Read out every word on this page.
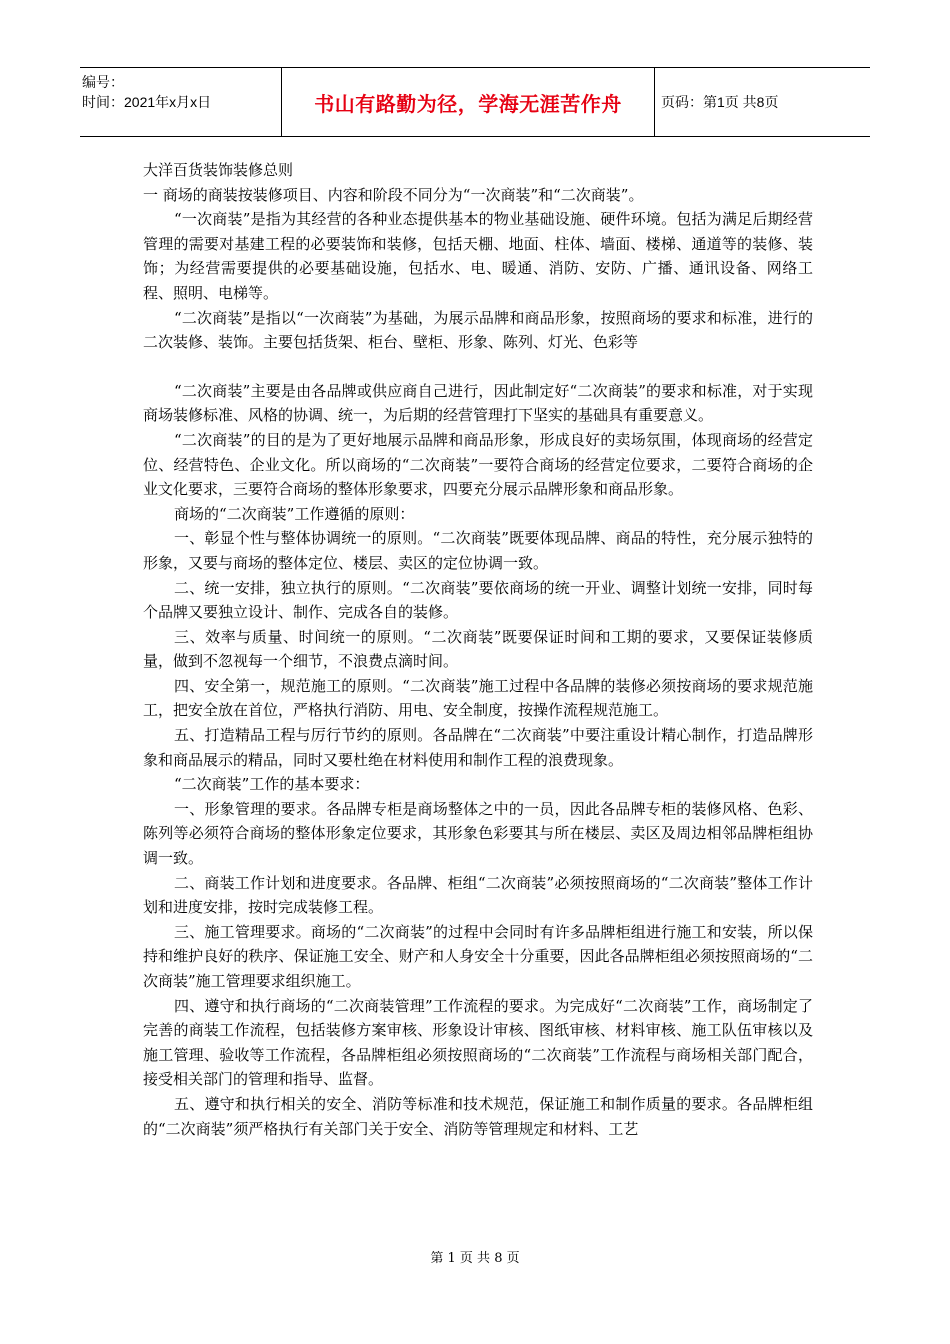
编号：
时间：2021年x月x日	书山有路勤为径，学海无涯苦作舟	页码：第1页 共8页

大洋百货装饰装修总则

一 商场的商装按装修项目、内容和阶段不同分为“一次商装”和“二次商装”。

“一次商装”是指为其经营的各种业态提供基本的物业基础设施、硬件环境。包括为满足后期经营管理的需要对基建工程的必要装饰和装修，包括天棚、地面、柱体、墙面、楼梯、通道等的装修、装饰；为经营需要提供的必要基础设施，包括水、电、暖通、消防、安防、广播、通讯设备、网络工程、照明、电梯等。

“二次商装”是指以“一次商装”为基础，为展示品牌和商品形象，按照商场的要求和标准，进行的二次装修、装饰。主要包括货架、柜台、壁柜、形象、陈列、灯光、色彩等

“二次商装”主要是由各品牌或供应商自己进行，因此制定好“二次商装”的要求和标准，对于实现商场装修标准、风格的协调、统一，为后期的经营管理打下坚实的基础具有重要意义。

“二次商装”的目的是为了更好地展示品牌和商品形象，形成良好的卖场氛围，体现商场的经营定位、经营特色、企业文化。所以商场的“二次商装”一要符合商场的经营定位要求，二要符合商场的企业文化要求，三要符合商场的整体形象要求，四要充分展示品牌形象和商品形象。

商场的“二次商装”工作遵循的原则：

一、彰显个性与整体协调统一的原则。“二次商装”既要体现品牌、商品的特性，充分展示独特的形象，又要与商场的整体定位、楼层、卖区的定位协调一致。

二、统一安排，独立执行的原则。“二次商装”要依商场的统一开业、调整计划统一安排，同时每个品牌又要独立设计、制作、完成各自的装修。

三、效率与质量、时间统一的原则。“二次商装”既要保证时间和工期的要求，又要保证装修质量，做到不忽视每一个细节，不浪费点滴时间。

四、安全第一，规范施工的原则。“二次商装”施工过程中各品牌的装修必须按商场的要求规范施工，把安全放在首位，严格执行消防、用电、安全制度，按操作流程规范施工。

五、打造精品工程与厉行节约的原则。各品牌在“二次商装”中要注重设计精心制作，打造品牌形象和商品展示的精品，同时又要杜绝在材料使用和制作工程的浪费现象。

“二次商装”工作的基本要求：

一、形象管理的要求。各品牌专柜是商场整体之中的一员，因此各品牌专柜的装修风格、色彩、陈列等必须符合商场的整体形象定位要求，其形象色彩要其与所在楼层、卖区及周边相邻品牌柜组协调一致。

二、商装工作计划和进度要求。各品牌、柜组“二次商装”必须按照商场的“二次商装”整体工作计划和进度安排，按时完成装修工程。

三、施工管理要求。商场的“二次商装”的过程中会同时有许多品牌柜组进行施工和安装，所以保持和维护良好的秩序、保证施工安全、财产和人身安全十分重要，因此各品牌柜组必须按照商场的“二次商装”施工管理要求组织施工。

四、遵守和执行商场的“二次商装管理”工作流程的要求。为完成好“二次商装”工作，商场制定了完善的商装工作流程，包括装修方案审核、形象设计审核、图纸审核、材料审核、施工队伍审核以及施工管理、验收等工作流程，各品牌柜组必须按照商场的“二次商装”工作流程与商场相关部门配合，接受相关部门的管理和指导、监督。

五、遵守和执行相关的安全、消防等标准和技术规范，保证施工和制作质量的要求。各品牌柜组的“二次商装”须严格执行有关部门关于安全、消防等管理规定和材料、工艺

第 1 页 共 8 页
